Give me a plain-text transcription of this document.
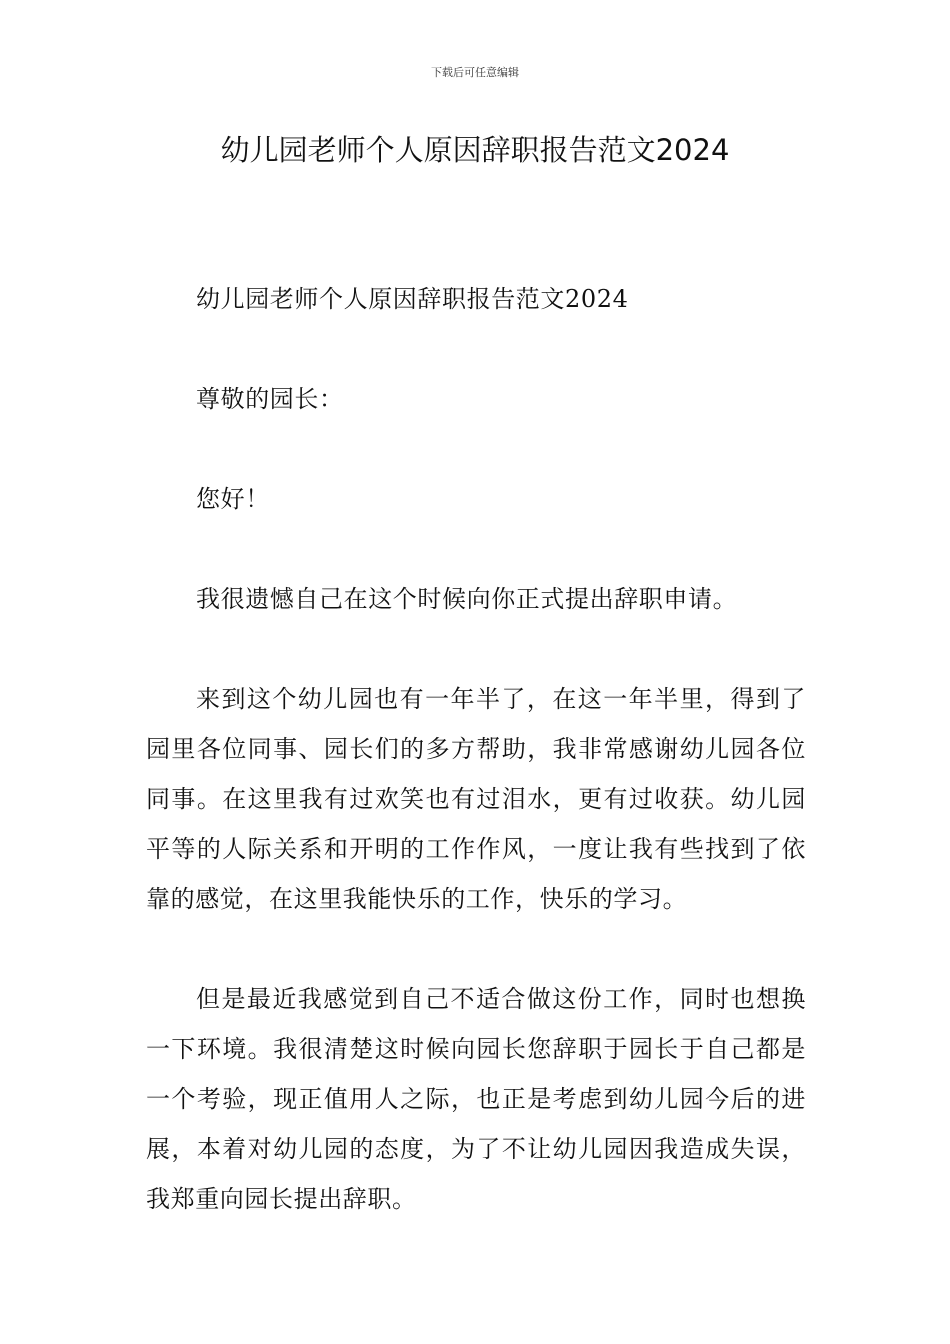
下载后可任意编辑
幼儿园老师个人原因辞职报告范文2024

幼儿园老师个人原因辞职报告范文2024

尊敬的园长：

您好！

我很遗憾自己在这个时候向你正式提出辞职申请。

来到这个幼儿园也有一年半了，在这一年半里，得到了园里各位同事、园长们的多方帮助，我非常感谢幼儿园各位同事。在这里我有过欢笑也有过泪水，更有过收获。幼儿园平等的人际关系和开明的工作作风，一度让我有些找到了依靠的感觉，在这里我能快乐的工作，快乐的学习。

但是最近我感觉到自己不适合做这份工作，同时也想换一下环境。我很清楚这时候向园长您辞职于园长于自己都是一个考验，现正值用人之际，也正是考虑到幼儿园今后的进展，本着对幼儿园的态度，为了不让幼儿园因我造成失误，我郑重向园长提出辞职。
